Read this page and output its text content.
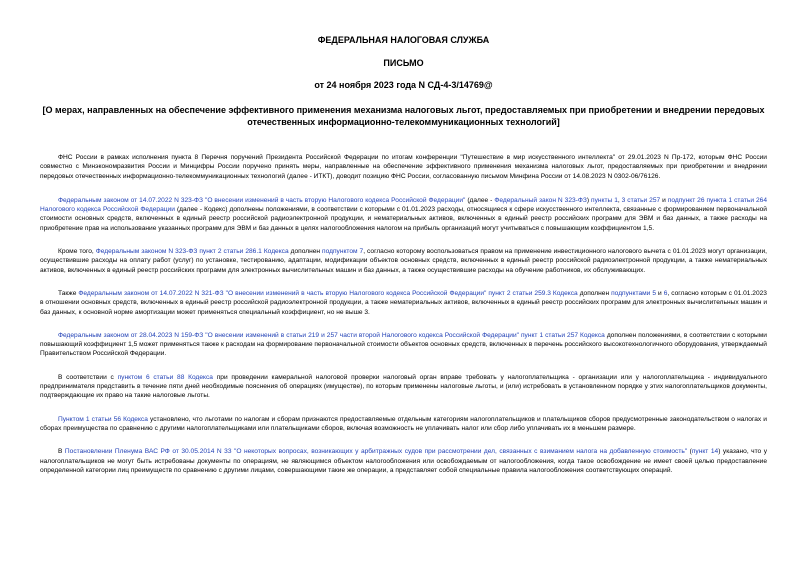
ФЕДЕРАЛЬНАЯ НАЛОГОВАЯ СЛУЖБА
ПИСЬМО
от 24 ноября 2023 года N СД-4-3/14769@
[О мерах, направленных на обеспечение эффективного применения механизма налоговых льгот, предоставляемых при приобретении и внедрении передовых отечественных информационно-телекоммуникационных технологий]

ФНС России в рамках исполнения пункта 8 Перечня поручений Президента Российской Федерации по итогам конференции "Путешествие в мир искусственного интеллекта" от 29.01.2023 N Пр-172, которым ФНС России совместно с Минэкономразвития России и Минцифры России поручено принять меры, направленные на обеспечение эффективного применения механизма налоговых льгот, предоставляемых при приобретении и внедрении передовых отечественных информационно-телекоммуникационных технологий (далее - ИТКТ), доводит позицию ФНС России, согласованную письмом Минфина России от 14.08.2023 N 0302-06/76126.

Федеральным законом от 14.07.2022 N 323-ФЗ "О внесении изменений в часть вторую Налогового кодекса Российской Федерации" (далее - Федеральный закон N 323-ФЗ) пункты 1, 3 статьи 257 и подпункт 26 пункта 1 статьи 264 Налогового кодекса Российской Федерации (далее - Кодекс) дополнены положениями, в соответствии с которыми с 01.01.2023 расходы, относящиеся к сфере искусственного интеллекта, связанные с формированием первоначальной стоимости основных средств, включенных в единый реестр российской радиоэлектронной продукции, и нематериальных активов, включенных в единый реестр российских программ для ЭВМ и баз данных, а также расходы на приобретение прав на использование указанных программ для ЭВМ и баз данных в целях налогообложения налогом на прибыль организаций могут учитываться с повышающим коэффициентом 1,5.

Кроме того, Федеральным законом N 323-ФЗ пункт 2 статьи 286.1 Кодекса дополнен подпунктом 7, согласно которому воспользоваться правом на применение инвестиционного налогового вычета с 01.01.2023 могут организации, осуществившие расходы на оплату работ (услуг) по установке, тестированию, адаптации, модификации объектов основных средств, включенных в единый реестр российской радиоэлектронной продукции, а также нематериальных активов, включенных в единый реестр российских программ для электронных вычислительных машин и баз данных, а также осуществившие расходы на обучение работников, их обслуживающих.

Также Федеральным законом от 14.07.2022 N 321-ФЗ "О внесении изменений в часть вторую Налогового кодекса Российской Федерации" пункт 2 статьи 259.3 Кодекса дополнен подпунктами 5 и 6, согласно которым с 01.01.2023 в отношении основных средств, включенных в единый реестр российской радиоэлектронной продукции, а также нематериальных активов, включенных в единый реестр российских программ для электронных вычислительных машин и баз данных, к основной норме амортизации может применяться специальный коэффициент, но не выше 3.

Федеральным законом от 28.04.2023 N 159-ФЗ "О внесении изменений в статьи 219 и 257 части второй Налогового кодекса Российской Федерации" пункт 1 статьи 257 Кодекса дополнен положениями, в соответствии с которыми повышающий коэффициент 1,5 может применяться также к расходам на формирование первоначальной стоимости объектов основных средств, включенных в перечень российского высокотехнологичного оборудования, утверждаемый Правительством Российской Федерации.

В соответствии с пунктом 6 статьи 88 Кодекса при проведении камеральной налоговой проверки налоговый орган вправе требовать у налогоплательщика - организации или у налогоплательщика - индивидуального предпринимателя представить в течение пяти дней необходимые пояснения об операциях (имуществе), по которым применены налоговые льготы, и (или) истребовать в установленном порядке у этих налогоплательщиков документы, подтверждающие их право на такие налоговые льготы.

Пунктом 1 статьи 56 Кодекса установлено, что льготами по налогам и сборам признаются предоставляемые отдельным категориям налогоплательщиков и плательщиков сборов предусмотренные законодательством о налогах и сборах преимущества по сравнению с другими налогоплательщиками или плательщиками сборов, включая возможность не уплачивать налог или сбор либо уплачивать их в меньшем размере.

В Постановлении Пленума ВАС РФ от 30.05.2014 N 33 "О некоторых вопросах, возникающих у арбитражных судов при рассмотрении дел, связанных с взиманием налога на добавленную стоимость" (пункт 14) указано, что у налогоплательщиков не могут быть истребованы документы по операциям, не являющимся объектом налогообложения или освобождаемым от налогообложения, когда такое освобождение не имеет своей целью предоставление определенной категории лиц преимуществ по сравнению с другими лицами, совершающими такие же операции, а представляет собой специальные правила налогообложения соответствующих операций.
